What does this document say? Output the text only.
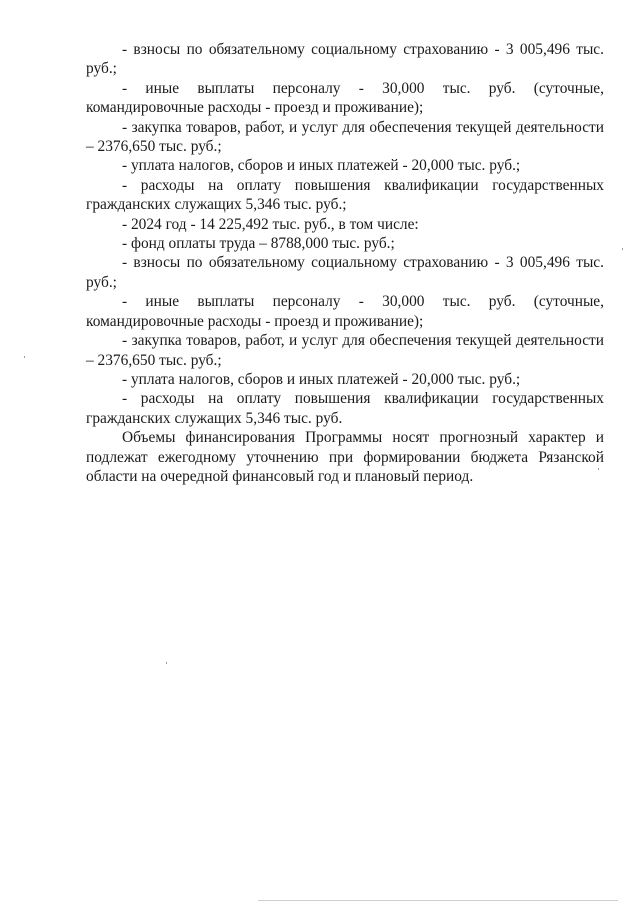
- взносы по обязательному социальному страхованию - 3 005,496 тыс. руб.;

- иные выплаты персоналу - 30,000 тыс. руб. (суточные, командировочные расходы - проезд и проживание);

- закупка товаров, работ, и услуг для обеспечения текущей деятельности – 2376,650 тыс. руб.;

- уплата налогов, сборов и иных платежей - 20,000 тыс. руб.;

- расходы на оплату повышения квалификации государственных гражданских служащих 5,346 тыс. руб.;

- 2024 год - 14 225,492 тыс. руб., в том числе:

- фонд оплаты труда – 8788,000 тыс. руб.;

- взносы по обязательному социальному страхованию - 3 005,496 тыс. руб.;

- иные выплаты персоналу - 30,000 тыс. руб. (суточные, командировочные расходы - проезд и проживание);

- закупка товаров, работ, и услуг для обеспечения текущей деятельности – 2376,650 тыс. руб.;

- уплата налогов, сборов и иных платежей - 20,000 тыс. руб.;

- расходы на оплату повышения квалификации государственных гражданских служащих 5,346 тыс. руб.

Объемы финансирования Программы носят прогнозный характер и подлежат ежегодному уточнению при формировании бюджета Рязанской области на очередной финансовый год и плановый период.
